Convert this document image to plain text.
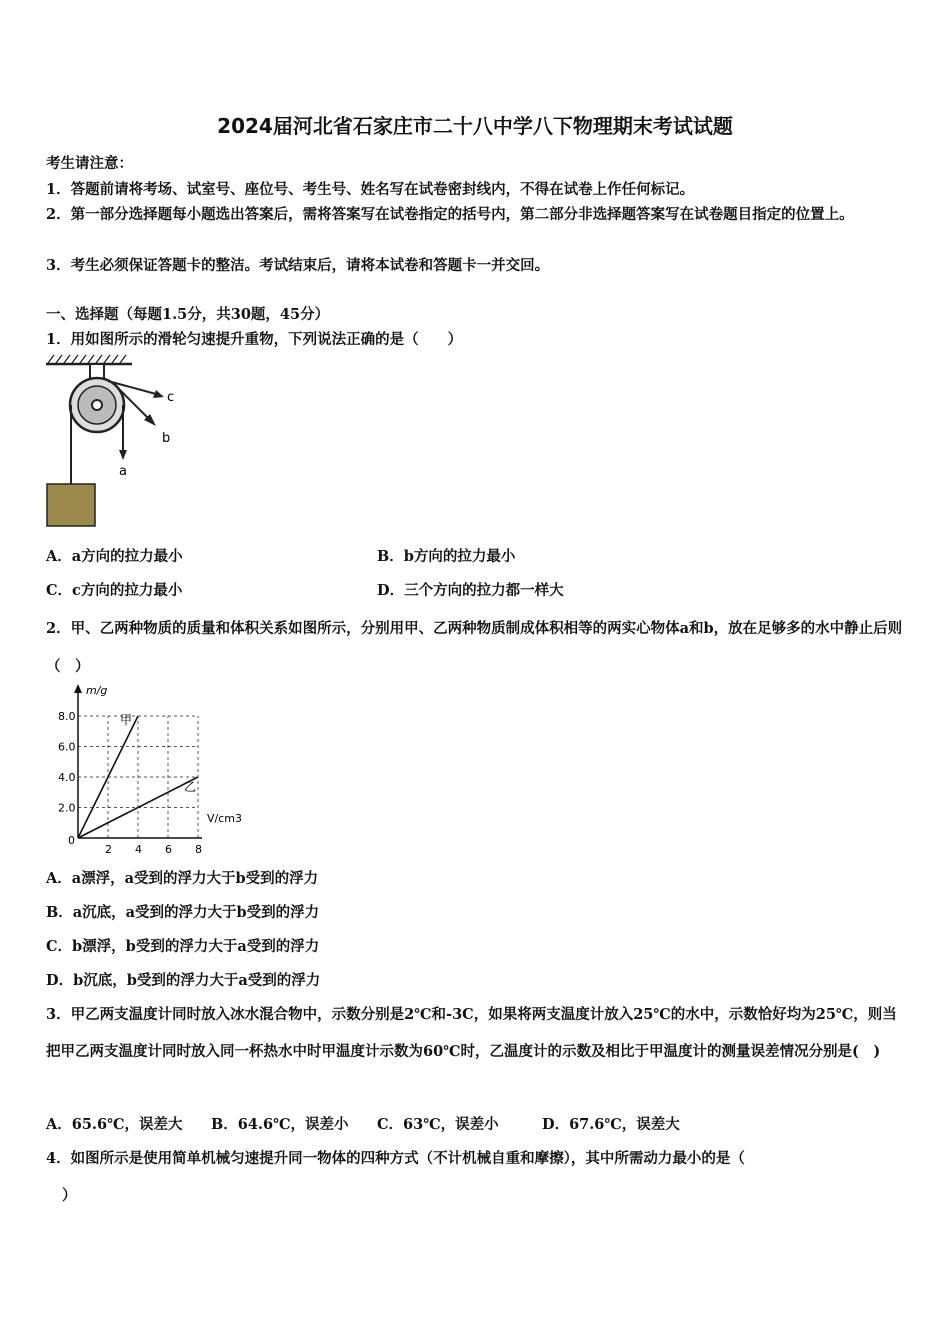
2024届河北省石家庄市二十八中学八下物理期末考试试题
考生请注意：
1．答题前请将考场、试室号、座位号、考生号、姓名写在试卷密封线内，不得在试卷上作任何标记。
2．第一部分选择题每小题选出答案后，需将答案写在试卷指定的括号内，第二部分非选择题答案写在试卷题目指定的位置上。
3．考生必须保证答题卡的整洁。考试结束后，请将本试卷和答题卡一并交回。
一、选择题（每题1.5分，共30题，45分）
1．用如图所示的滑轮匀速提升重物，下列说法正确的是（　　）
a
b
c
A．a方向的拉力最小	B．b方向的拉力最小
C．c方向的拉力最小	D．三个方向的拉力都一样大
2．甲、乙两种物质的质量和体积关系如图所示，分别用甲、乙两种物质制成体积相等的两实心物体a和b，放在足够多的水中静止后则（　）
2 4 6 8
2.0
4.0
6.0
8.0
0
m/g
V/cm3
甲
乙
A．a漂浮，a受到的浮力大于b受到的浮力
B．a沉底，a受到的浮力大于b受到的浮力
C．b漂浮，b受到的浮力大于a受到的浮力
D．b沉底，b受到的浮力大于a受到的浮力
3．甲乙两支温度计同时放入冰水混合物中，示数分别是2℃和-3C，如果将两支温度计放入25℃的水中，示数恰好均为25℃，则当把甲乙两支温度计同时放入同一杯热水中时甲温度计示数为60℃时，乙温度计的示数及相比于甲温度计的测量误差情况分别是(　)
A．65.6℃，误差大 B．64.6℃，误差小 C．63℃，误差小	D．67.6℃，误差大
4．如图所示是使用简单机械匀速提升同一物体的四种方式（不计机械自重和摩擦），其中所需动力最小的是（
）
